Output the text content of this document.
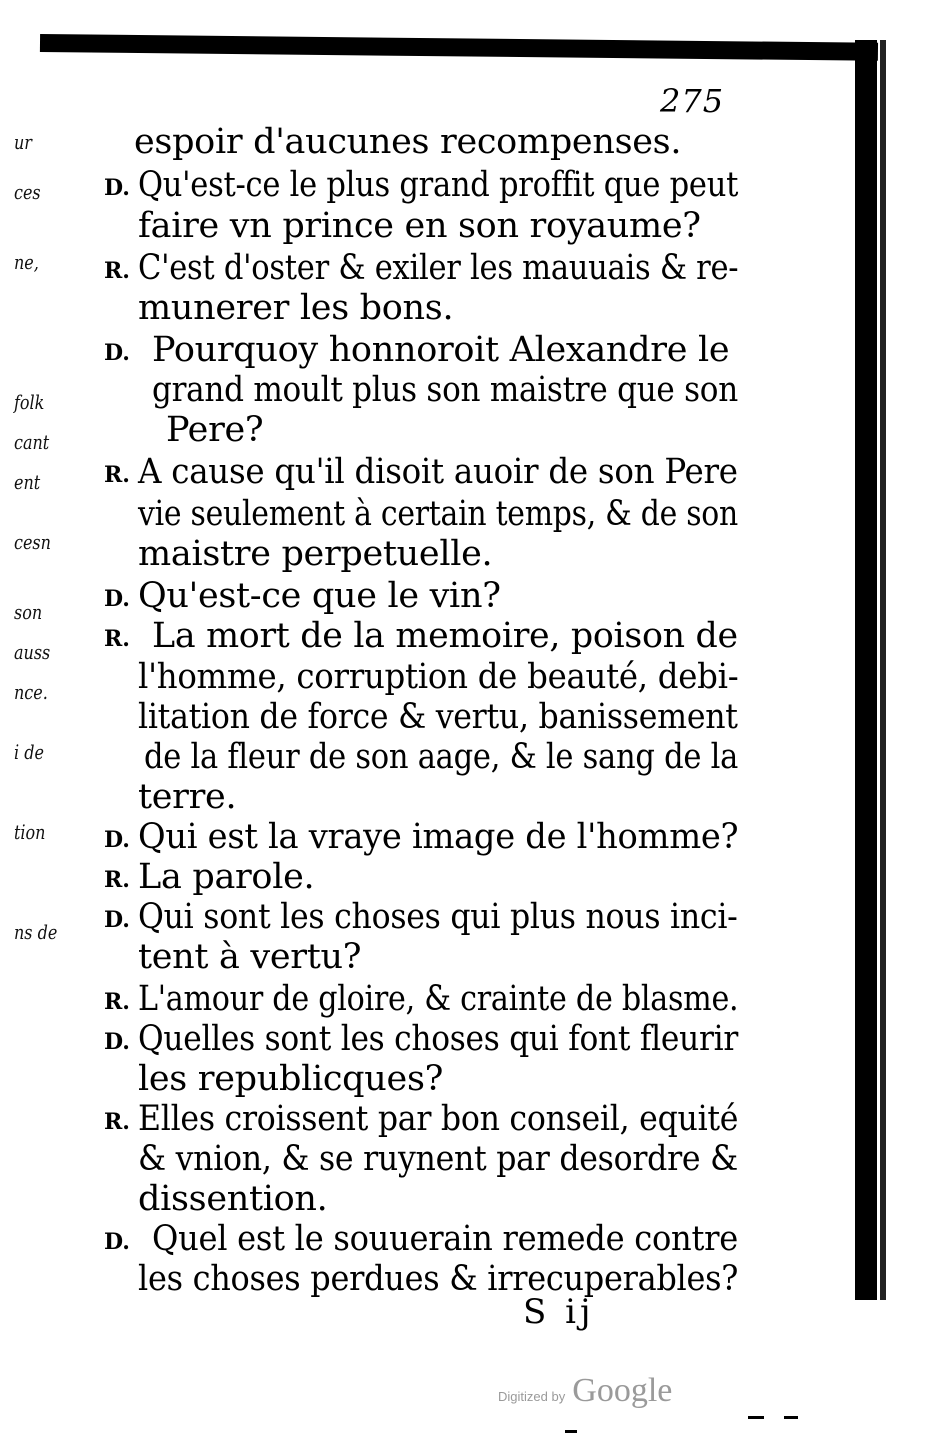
ur
ces
ne,
folk
cant
ent
cesn
son
auss
nce.
i de
tion
ns de
275
espoir d'aucunes recompenses.
D. Qu'est-ce le plus grand proffit que peut
faire vn prince en son royaume?
R. C'est d'oster & exiler les mauuais & re-
munerer les bons.
D. Pourquoy honnoroit Alexandre le
grand moult plus son maistre que son
Pere?
R. A cause qu'il disoit auoir de son Pere
vie seulement à certain temps, & de son
maistre perpetuelle.
D. Qu'est-ce que le vin?
R. La mort de la memoire, poison de
l'homme, corruption de beauté, debi-
litation de force & vertu, banissement
de la fleur de son aage, & le sang de la
terre.
D. Qui est la vraye image de l'homme?
R. La parole.
D. Qui sont les choses qui plus nous inci-
tent à vertu?
R. L'amour de gloire, & crainte de blasme.
D. Quelles sont les choses qui font fleurir
les republicques?
R. Elles croissent par bon conseil, equité
& vnion, & se ruynent par desordre &
dissention.
D. Quel est le souuerain remede contre
les choses perdues & irrecuperables?
S ij
Digitized by Google
